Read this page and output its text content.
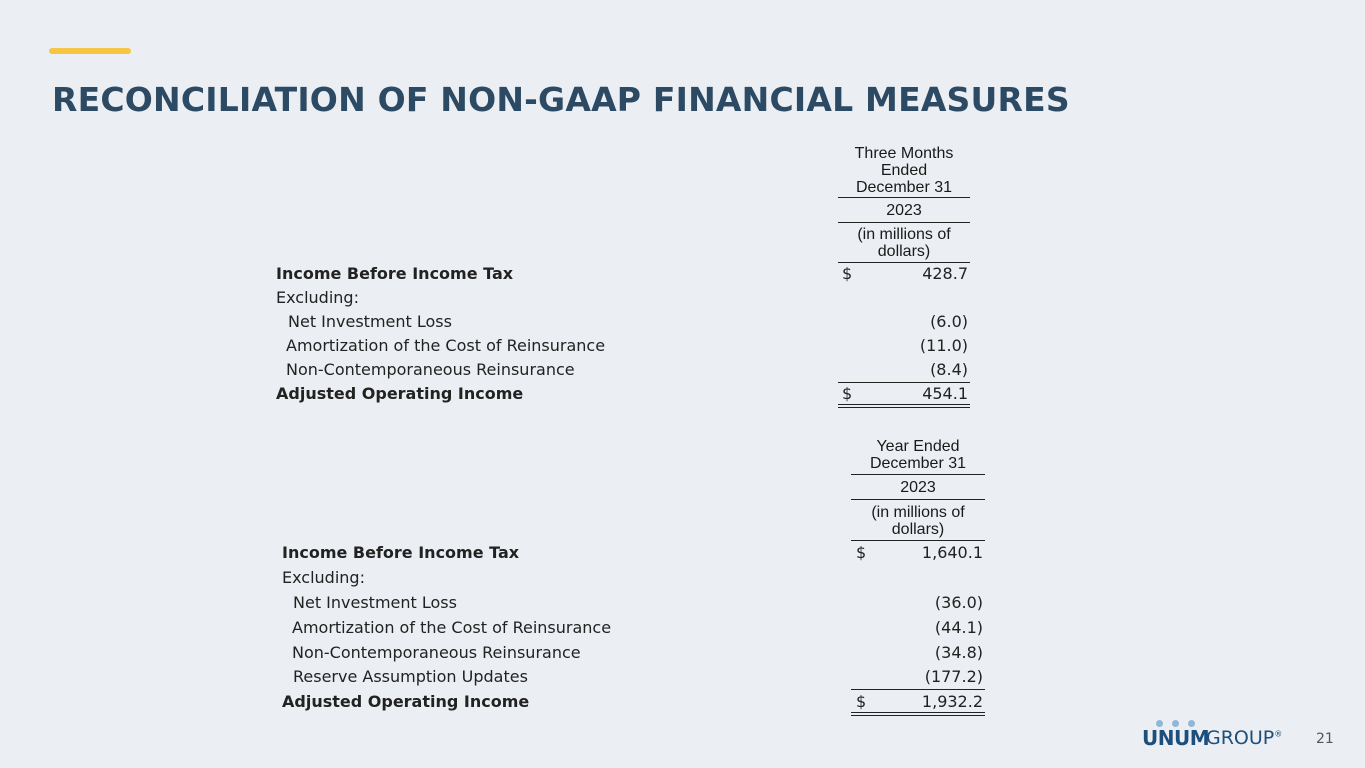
RECONCILIATION OF NON-GAAP FINANCIAL MEASURES
Three Months
Ended
December 31
2023
(in millions of
dollars)
Income Before Income Tax	$	428.7
Excluding:
Net Investment Loss	(6.0)
Amortization of the Cost of Reinsurance	(11.0)
Non-Contemporaneous Reinsurance	(8.4)
Adjusted Operating Income	$	454.1
Year Ended
December 31
2023
(in millions of
dollars)
Income Before Income Tax	$	1,640.1
Excluding:
Net Investment Loss	(36.0)
Amortization of the Cost of Reinsurance	(44.1)
Non-Contemporaneous Reinsurance	(34.8)
Reserve Assumption Updates	(177.2)
Adjusted Operating Income	$	1,932.2
UNUM
GROUP® 21
